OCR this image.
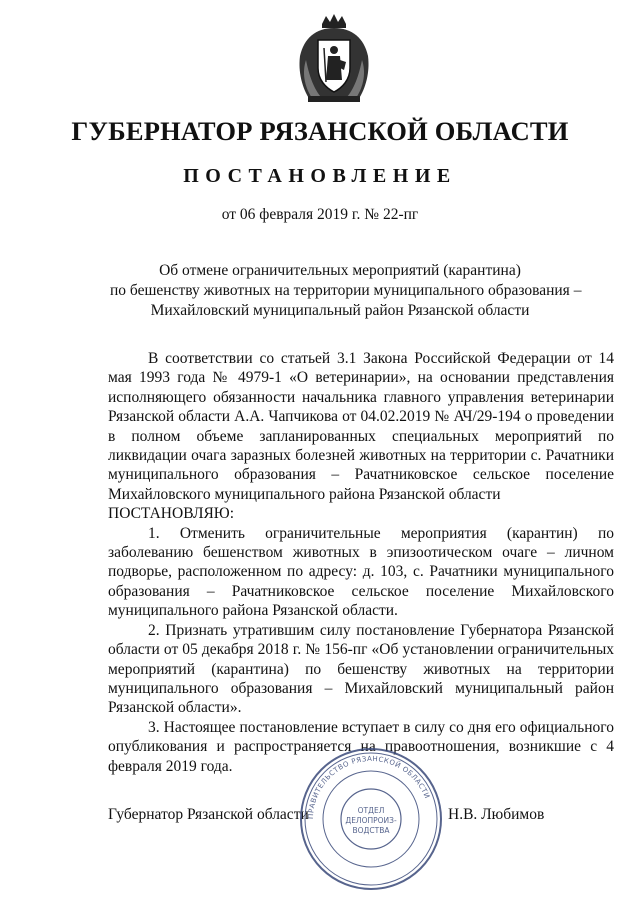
ГУБЕРНАТОР РЯЗАНСКОЙ ОБЛАСТИ
ПОСТАНОВЛЕНИЕ
от 06 февраля 2019 г. № 22-пг
Об отмене ограничительных мероприятий (карантина)
по бешенству животных на территории муниципального образования –
Михайловский муниципальный район Рязанской области

В соответствии со статьей 3.1 Закона Российской Федерации от 14 мая 1993 года № 4979-1 «О ветеринарии», на основании представления исполняющего обязанности начальника главного управления ветеринарии Рязанской области А.А. Чапчикова от 04.02.2019 № АЧ/29-194 о проведении в полном объеме запланированных специальных мероприятий по ликвидации очага заразных болезней животных на территории с. Рачатники муниципального образования – Рачатниковское сельское поселение Михайловского муниципального района Рязанской области

ПОСТАНОВЛЯЮ:

1. Отменить ограничительные мероприятия (карантин) по заболеванию бешенством животных в эпизоотическом очаге – личном подворье, расположенном по адресу: д. 103, с. Рачатники муниципального образования – Рачатниковское сельское поселение Михайловского муниципального района Рязанской области.

2. Признать утратившим силу постановление Губернатора Рязанской области от 05 декабря 2018 г. № 156-пг «Об установлении ограничительных мероприятий (карантина) по бешенству животных на территории муниципального образования – Михайловский муниципальный район Рязанской области».

3. Настоящее постановление вступает в силу со дня его официального опубликования и распространяется на правоотношения, возникшие с 4 февраля 2019 года.

Губернатор Рязанской области	Н.В. Любимов
ПРАВИТЕЛЬСТВО РЯЗАНСКОЙ ОБЛАСТИ
ОТДЕЛ
ДЕЛОПРОИЗ-
ВОДСТВА
